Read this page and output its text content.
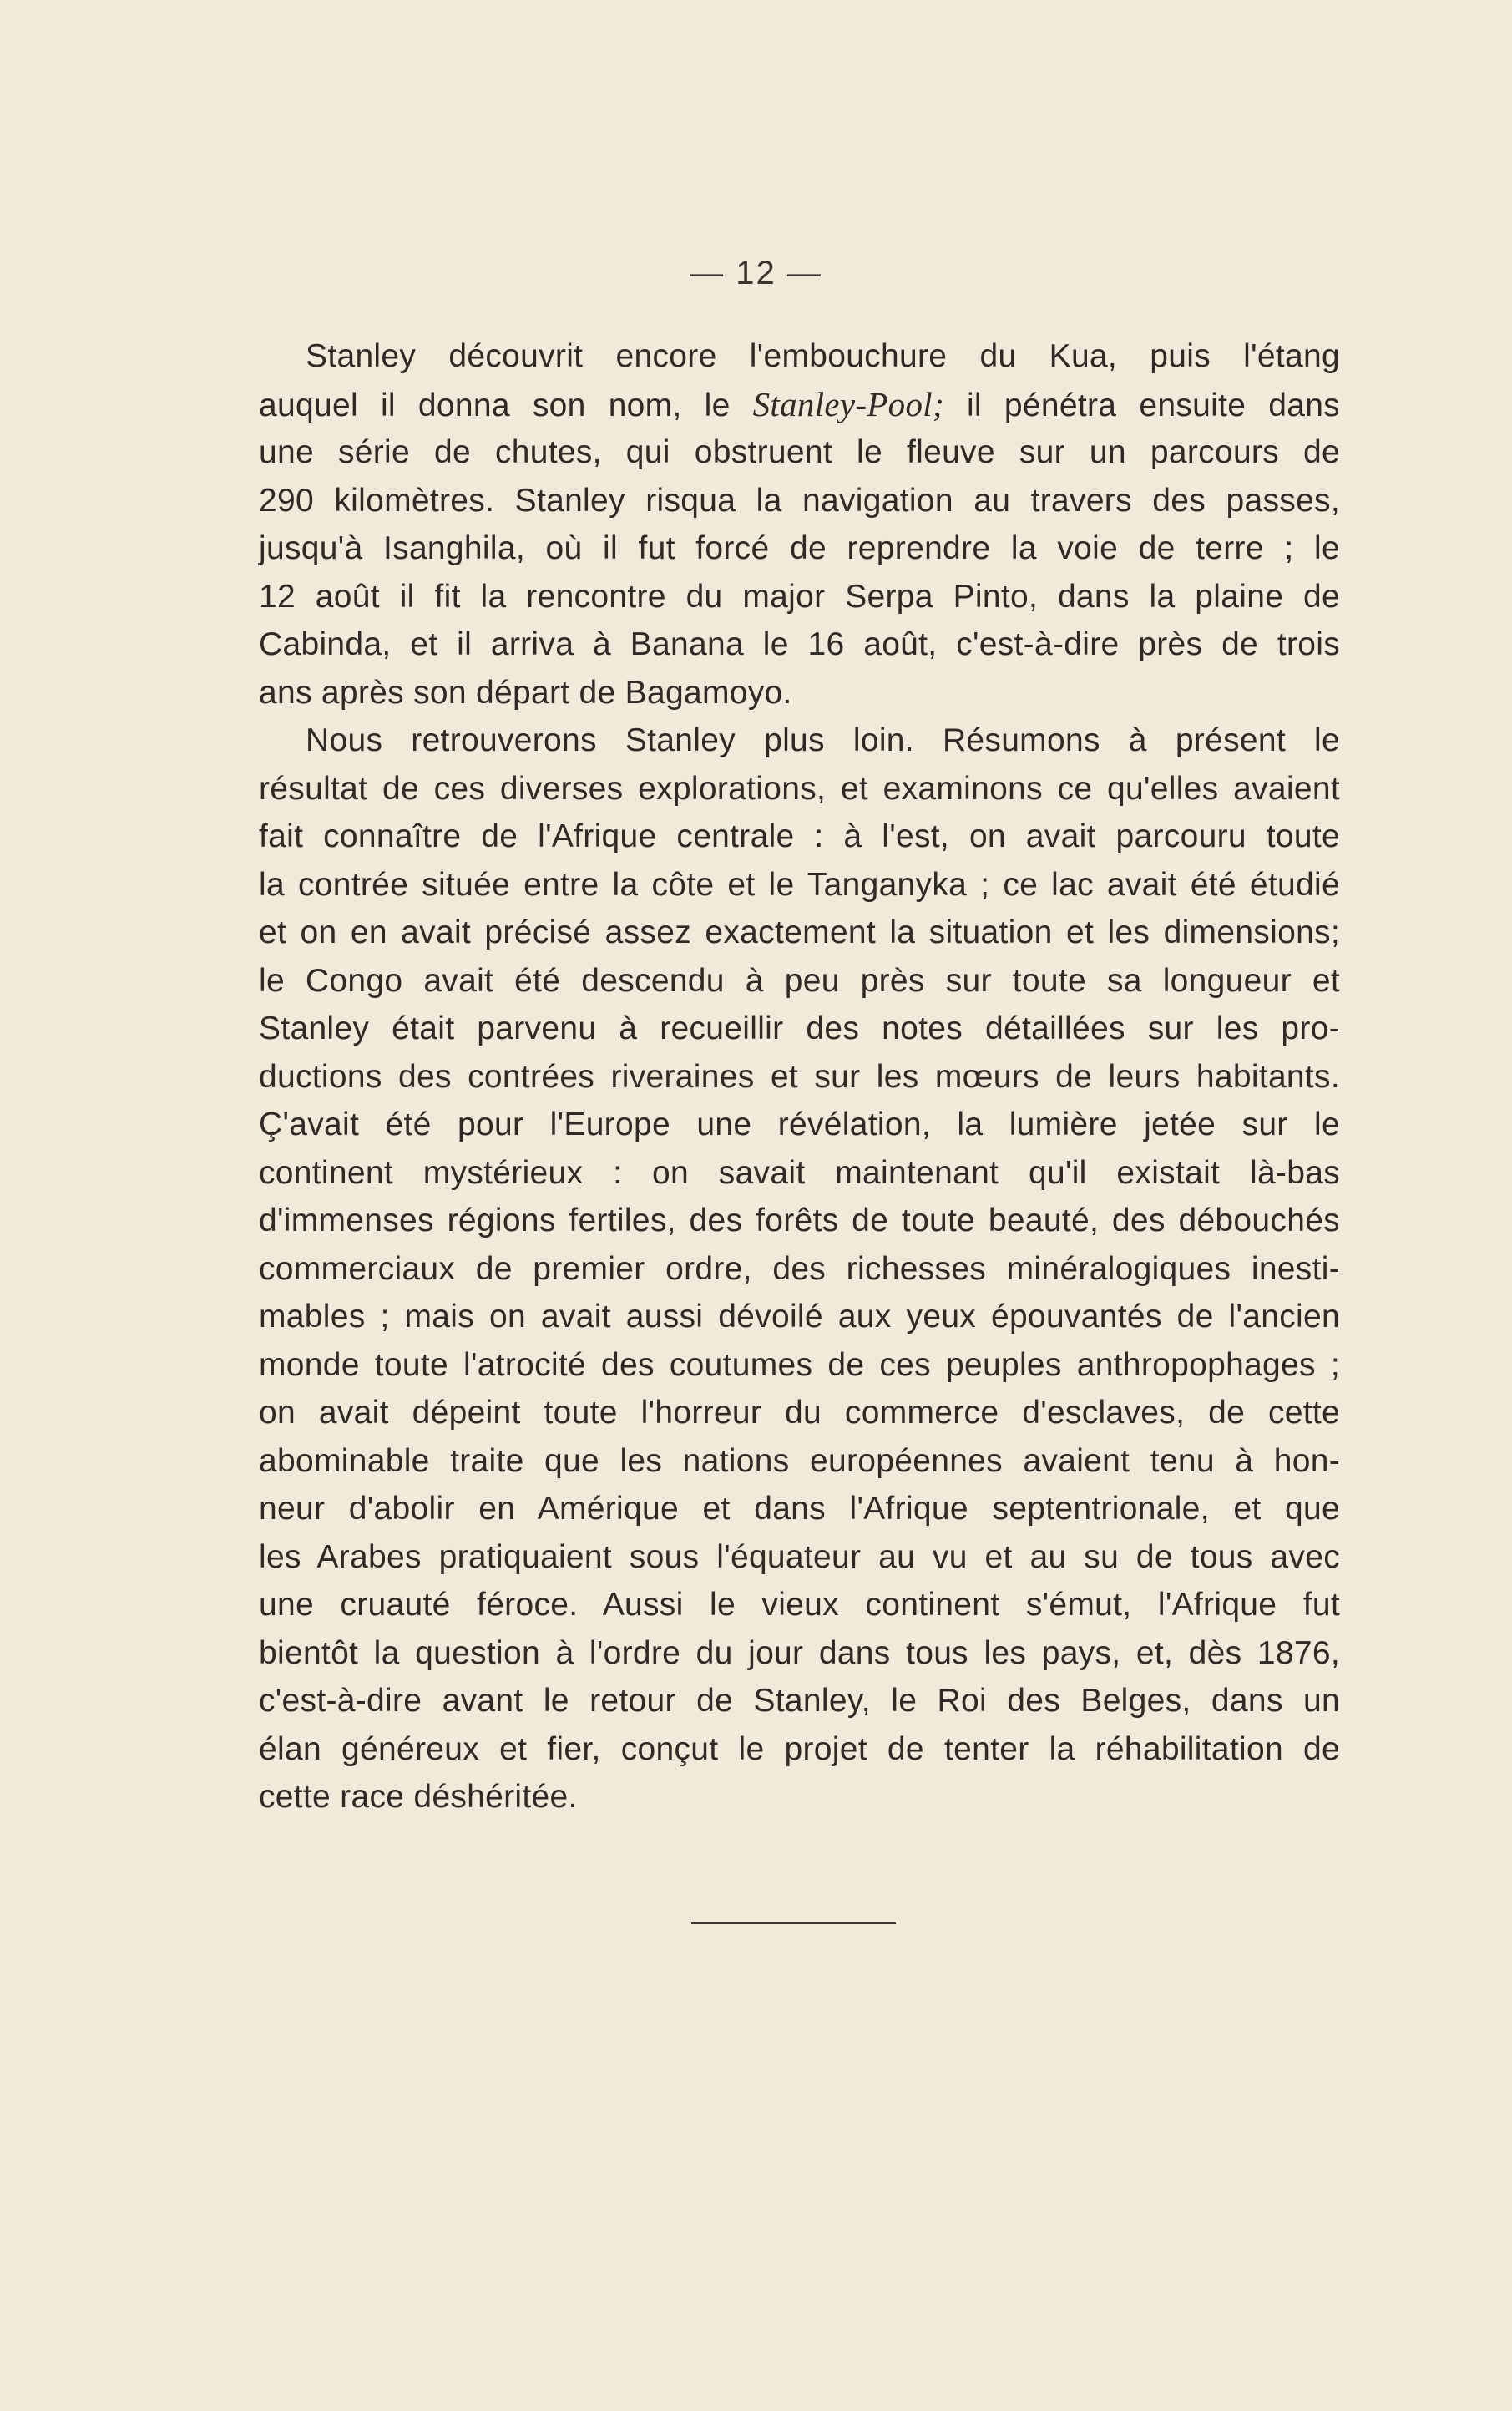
— 12 —
Stanley découvrit encore l'embouchure du Kua, puis l'étang
auquel il donna son nom, le Stanley-Pool; il pénétra ensuite dans
une série de chutes, qui obstruent le fleuve sur un parcours de
290 kilomètres. Stanley risqua la navigation au travers des passes,
jusqu'à Isanghila, où il fut forcé de reprendre la voie de terre ; le
12 août il fit la rencontre du major Serpa Pinto, dans la plaine de
Cabinda, et il arriva à Banana le 16 août, c'est-à-dire près de trois
ans après son départ de Bagamoyo.
Nous retrouverons Stanley plus loin. Résumons à présent le
résultat de ces diverses explorations, et examinons ce qu'elles avaient
fait connaître de l'Afrique centrale : à l'est, on avait parcouru toute
la contrée située entre la côte et le Tanganyka ; ce lac avait été étudié
et on en avait précisé assez exactement la situation et les dimensions;
le Congo avait été descendu à peu près sur toute sa longueur et
Stanley était parvenu à recueillir des notes détaillées sur les pro-
ductions des contrées riveraines et sur les mœurs de leurs habitants.
Ç'avait été pour l'Europe une révélation, la lumière jetée sur le
continent mystérieux : on savait maintenant qu'il existait là-bas
d'immenses régions fertiles, des forêts de toute beauté, des débouchés
commerciaux de premier ordre, des richesses minéralogiques inesti-
mables ; mais on avait aussi dévoilé aux yeux épouvantés de l'ancien
monde toute l'atrocité des coutumes de ces peuples anthropophages ;
on avait dépeint toute l'horreur du commerce d'esclaves, de cette
abominable traite que les nations européennes avaient tenu à hon-
neur d'abolir en Amérique et dans l'Afrique septentrionale, et que
les Arabes pratiquaient sous l'équateur au vu et au su de tous avec
une cruauté féroce. Aussi le vieux continent s'émut, l'Afrique fut
bientôt la question à l'ordre du jour dans tous les pays, et, dès 1876,
c'est-à-dire avant le retour de Stanley, le Roi des Belges, dans un
élan généreux et fier, conçut le projet de tenter la réhabilitation de
cette race déshéritée.
